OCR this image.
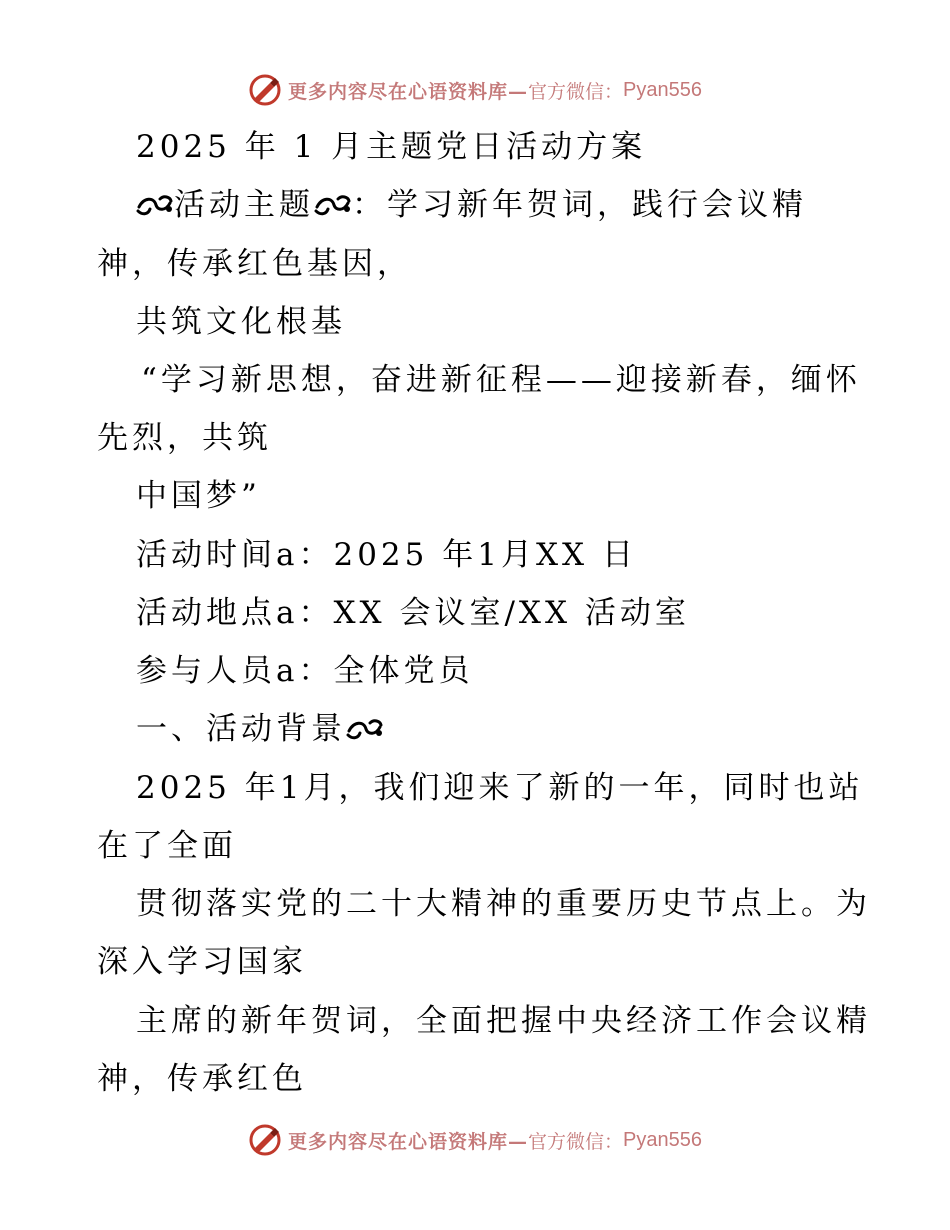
更多内容尽在心语资料库— 官方微信： Pyan556
2025 年 1 月主题党日活动方案
活动主题 ：学习新年贺词，践行会议精
神，传承红色基因，
共筑文化根基
“学习新思想，奋进新征程——迎接新春，缅怀
先烈，共筑
中国梦”
活动时间a：2025 年1月XX 日
活动地点a：XX 会议室/XX 活动室
参与人员a：全体党员
一、活动背景
2025 年1月，我们迎来了新的一年，同时也站
在了全面
贯彻落实党的二十大精神的重要历史节点上。为
深入学习国家
主席的新年贺词，全面把握中央经济工作会议精
神，传承红色
更多内容尽在心语资料库— 官方微信： Pyan556
